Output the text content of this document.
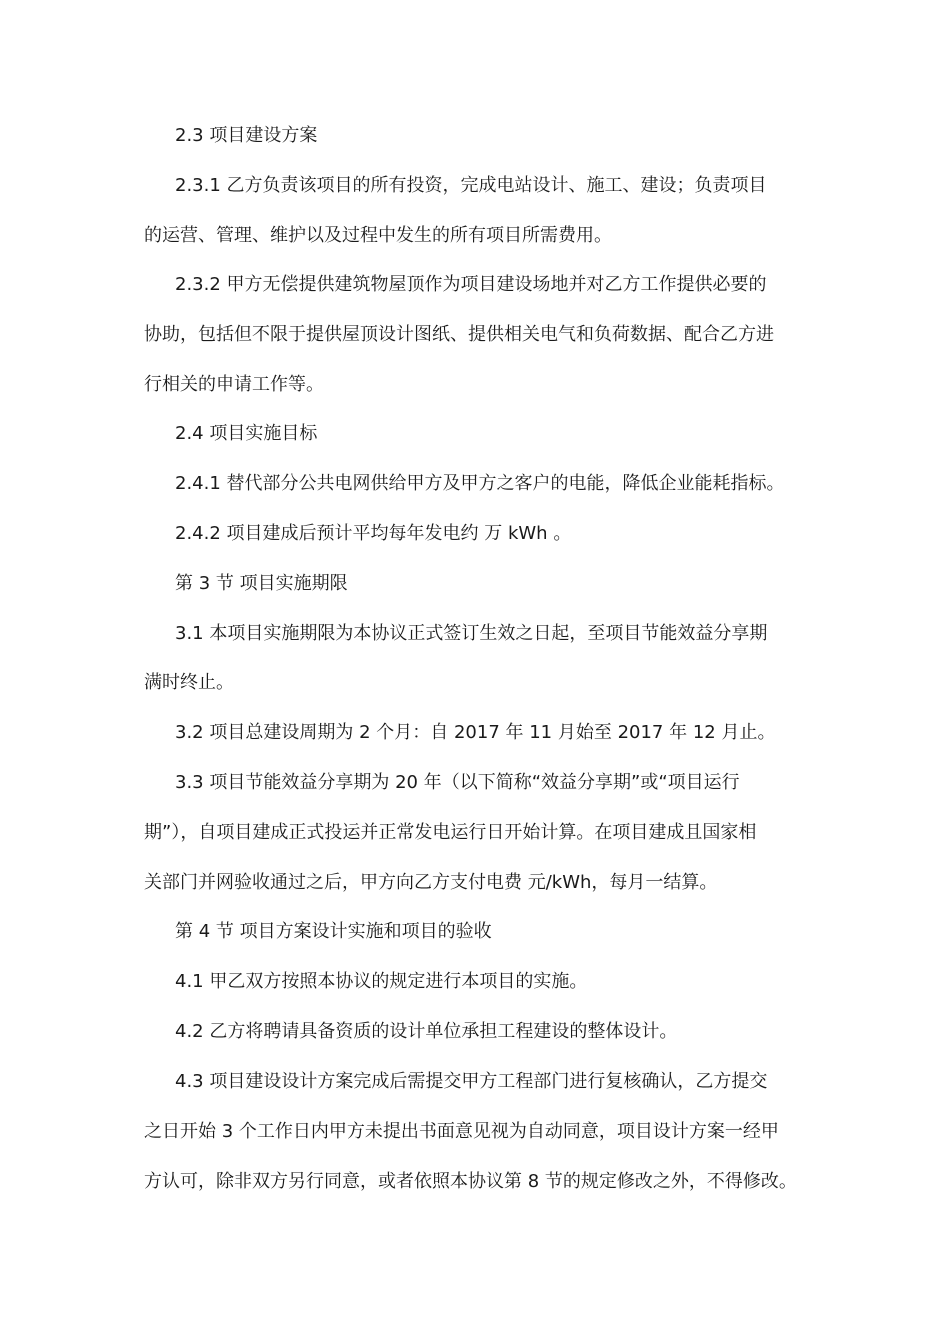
2.3 项目建设方案
2.3.1 乙方负责该项目的所有投资，完成电站设计、施工、建设；负责项目
的运营、管理、维护以及过程中发生的所有项目所需费用。
2.3.2 甲方无偿提供建筑物屋顶作为项目建设场地并对乙方工作提供必要的
协助，包括但不限于提供屋顶设计图纸、提供相关电气和负荷数据、配合乙方进
行相关的申请工作等。
2.4 项目实施目标
2.4.1 替代部分公共电网供给甲方及甲方之客户的电能，降低企业能耗指标。
2.4.2 项目建成后预计平均每年发电约 万 kWh 。
第 3 节 项目实施期限
3.1 本项目实施期限为本协议正式签订生效之日起，至项目节能效益分享期
满时终止。
3.2 项目总建设周期为 2 个月：自 2017 年 11 月始至 2017 年 12 月止。
3.3 项目节能效益分享期为 20 年（以下简称“效益分享期”或“项目运行
期”），自项目建成正式投运并正常发电运行日开始计算。在项目建成且国家相
关部门并网验收通过之后，甲方向乙方支付电费 元/kWh，每月一结算。
第 4 节 项目方案设计实施和项目的验收
4.1 甲乙双方按照本协议的规定进行本项目的实施。
4.2 乙方将聘请具备资质的设计单位承担工程建设的整体设计。
4.3 项目建设设计方案完成后需提交甲方工程部门进行复核确认，乙方提交
之日开始 3 个工作日内甲方未提出书面意见视为自动同意，项目设计方案一经甲
方认可，除非双方另行同意，或者依照本协议第 8 节的规定修改之外，不得修改。
